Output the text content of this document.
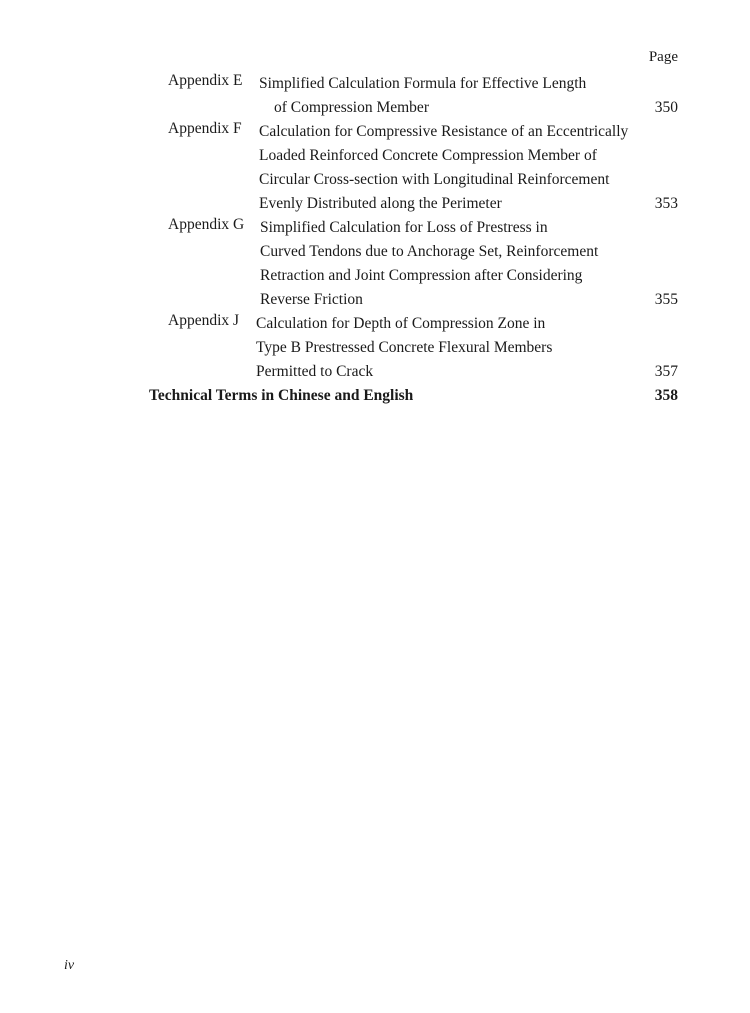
Page
Appendix E	Simplified Calculation Formula for Effective Length
of Compression Member	350
Appendix F	Calculation for Compressive Resistance of an Eccentrically
Loaded Reinforced Concrete Compression Member of
Circular Cross-section with Longitudinal Reinforcement
Evenly Distributed along the Perimeter	353
Appendix G	Simplified Calculation for Loss of Prestress in
Curved Tendons due to Anchorage Set, Reinforcement
Retraction and Joint Compression after Considering
Reverse Friction	355
Appendix J	Calculation for Depth of Compression Zone in
Type B Prestressed Concrete Flexural Members
Permitted to Crack	357
Technical Terms in Chinese and English	358
iv
